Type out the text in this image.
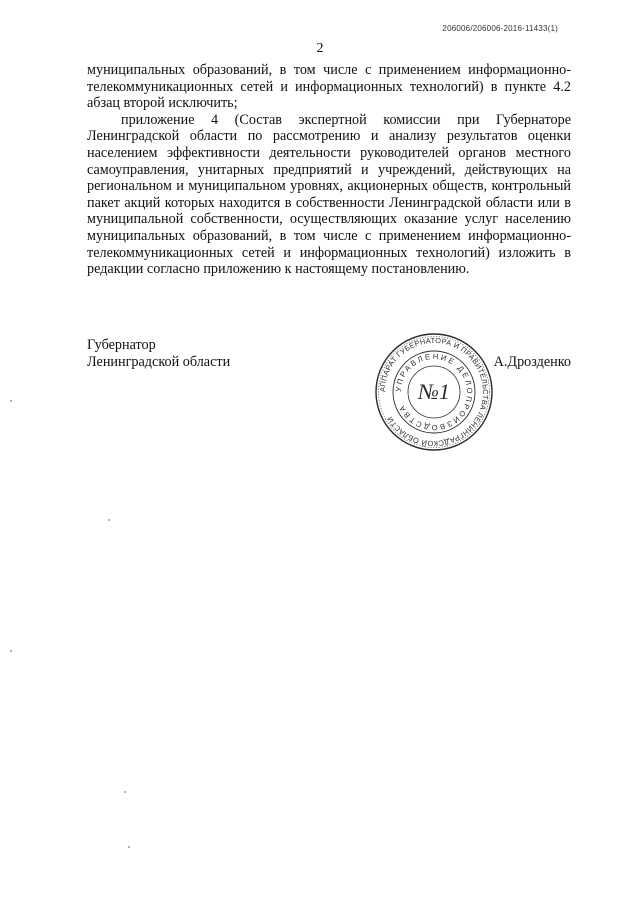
206006/206006-2016-11433(1)
2

муниципальных образований, в том числе с применением информационно-телекоммуникационных сетей и информационных технологий) в пункте 4.2 абзац второй исключить;

приложение 4 (Состав экспертной комиссии при Губернаторе Ленинградской области по рассмотрению и анализу результатов оценки населением эффективности деятельности руководителей органов местного самоуправления, унитарных предприятий и учреждений, действующих на региональном и муниципальном уровнях, акционерных обществ, контрольный пакет акций которых находится в собственности Ленинградской области или в муниципальной собственности, осуществляющих оказание услуг населению муниципальных образований, в том числе с применением информационно-телекоммуникационных сетей и информационных технологий) изложить в редакции согласно приложению к настоящему постановлению.

Губернатор
Ленинградской области	А.Дрозденко
АППАРАТ ГУБЕРНАТОРА И ПРАВИТЕЛЬСТВА ЛЕНИНГРАДСКОЙ ОБЛАСТИ
УПРАВЛЕНИЕ ДЕЛОПРОИЗВОДСТВА
№1
